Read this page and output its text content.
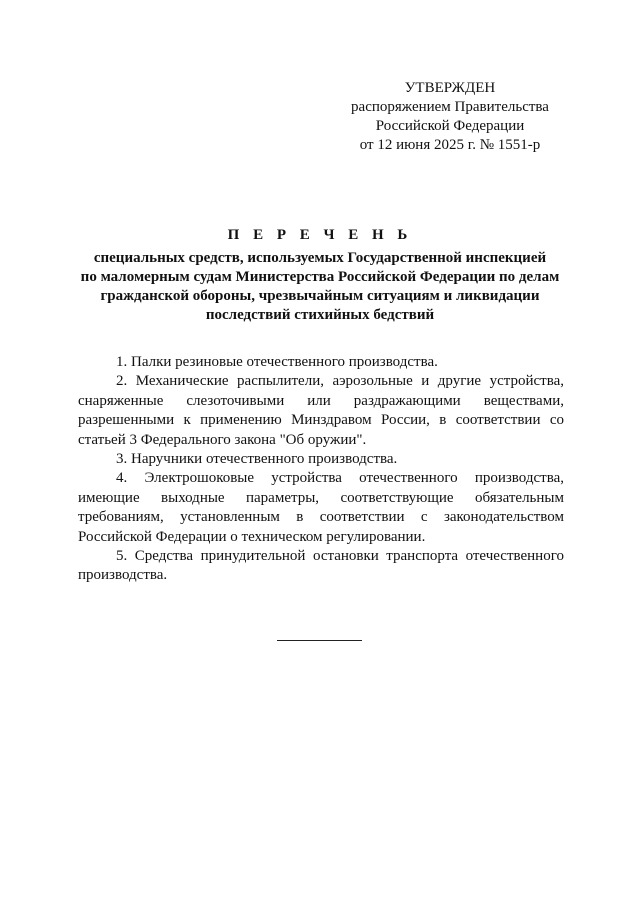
УТВЕРЖДЕН
распоряжением Правительства
Российской Федерации
от 12 июня 2025 г. № 1551-р
П Е Р Е Ч Е Н Ь
специальных средств, используемых Государственной инспекцией
по маломерным судам Министерства Российской Федерации по делам
гражданской обороны, чрезвычайным ситуациям и ликвидации
последствий стихийных бедствий

1. Палки резиновые отечественного производства.

2. Механические распылители, аэрозольные и другие устройства, снаряженные слезоточивыми или раздражающими веществами, разрешенными к применению Минздравом России, в соответствии со статьей 3 Федерального закона "Об оружии".

3. Наручники отечественного производства.

4. Электрошоковые устройства отечественного производства, имеющие выходные параметры, соответствующие обязательным требованиям, установленным в соответствии с законодательством Российской Федерации о техническом регулировании.

5. Средства принудительной остановки транспорта отечественного производства.
